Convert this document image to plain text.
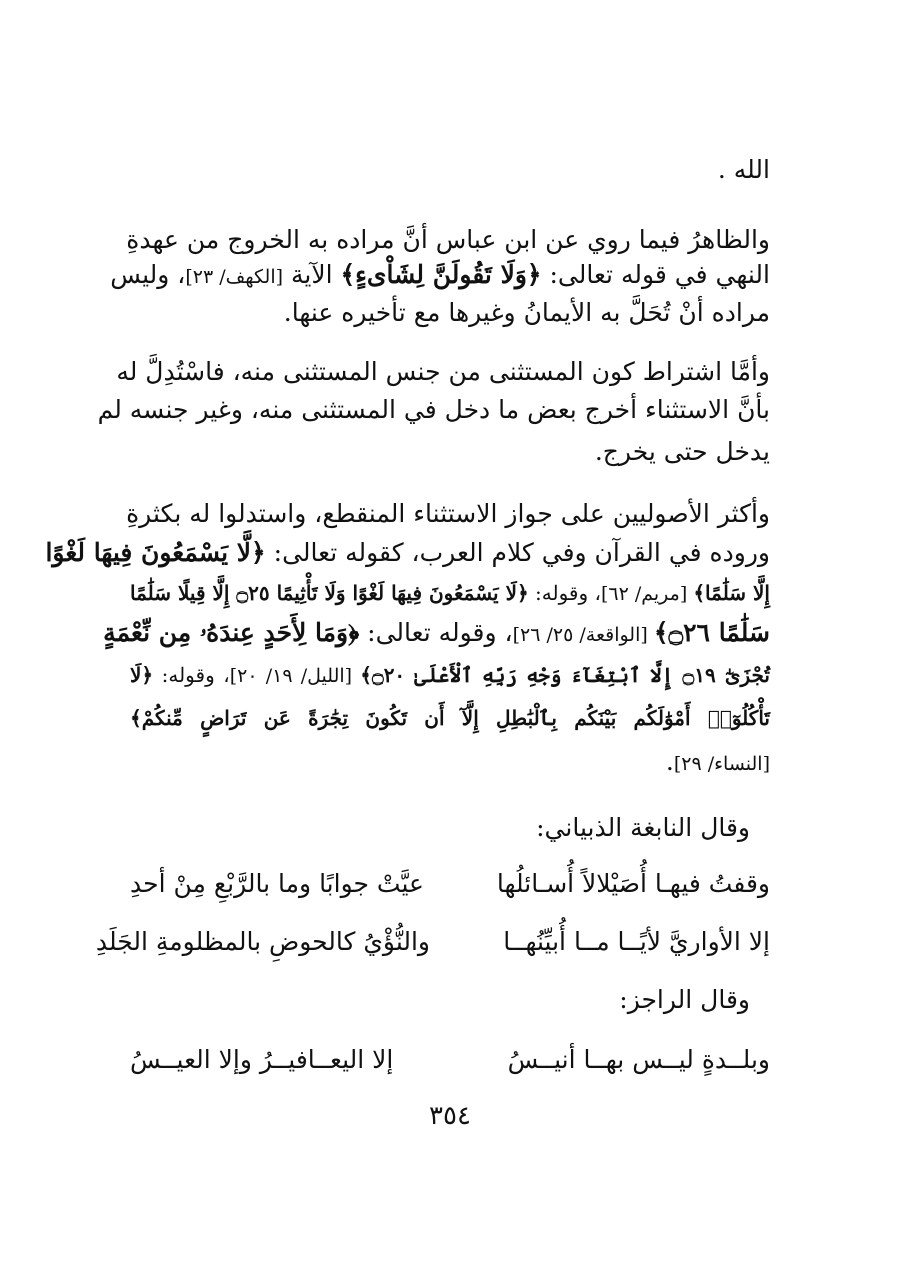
الله .
والظاهرُ فيما روي عن ابن عباس أنَّ مراده به الخروج من عهدةِ
النهي في قوله تعالى: ﴿وَلَا تَقُولَنَّ لِشَاْىءٍ﴾ الآية [الكهف/ ٢٣]، وليس
مراده أنْ تُحَلَّ به الأيمانُ وغيرها مع تأخيره عنها.
وأمَّا اشتراط كون المستثنى من جنس المستثنى منه، فاسْتُدِلَّ له
بأنَّ الاستثناء أخرج بعض ما دخل في المستثنى منه، وغير جنسه لم
يدخل حتى يخرج.
وأكثر الأصوليين على جواز الاستثناء المنقطع، واستدلوا له بكثرةِ
وروده في القرآن وفي كلام العرب، كقوله تعالى: ﴿لَّا يَسْمَعُونَ فِيهَا لَغْوًا
إِلَّا سَلَٰمًا﴾ [مريم/ ٦٢]، وقوله: ﴿لَا يَسْمَعُونَ فِيهَا لَغْوًا وَلَا تَأْثِيمًا ۝٢٥ إِلَّا قِيلًا سَلَٰمًا
سَلَٰمًا ۝٢٦﴾ [الواقعة/ ٢٥/ ٢٦]، وقوله تعالى: ﴿وَمَا لِأَحَدٍ عِندَهُۥ مِن نِّعْمَةٍ
تُجْزَىٰٓ ۝١٩ إِلَّا ٱبْتِغَآءَ وَجْهِ رَبِّهِ ٱلْأَعْلَىٰ ۝٢٠﴾ [الليل/ ١٩/ ٢٠]، وقوله: ﴿لَا
تَأْكُلُوٓا۟ أَمْوَٰلَكُم بَيْنَكُم بِٱلْبَٰطِلِ إِلَّآ أَن تَكُونَ تِجَٰرَةً عَن تَرَاضٍ مِّنكُمْ﴾
[النساء/ ٢٩].
وقال النابغة الذبياني:
وقفتُ فيهـا أُصَيْلالاً أُسـائلُها
عيَّتْ جوابًا وما بالرَّبْعِ مِنْ أحدِ
إلا الأواريَّ لأيًــا مــا أُبيِّنُهــا
والنُّؤْيُ كالحوضِ بالمظلومةِ الجَلَدِ
وقال الراجز:
وبلــدةٍ ليــس بهــا أنيــسُ
إلا اليعــافيــرُ وإلا العيــسُ
٣٥٤
